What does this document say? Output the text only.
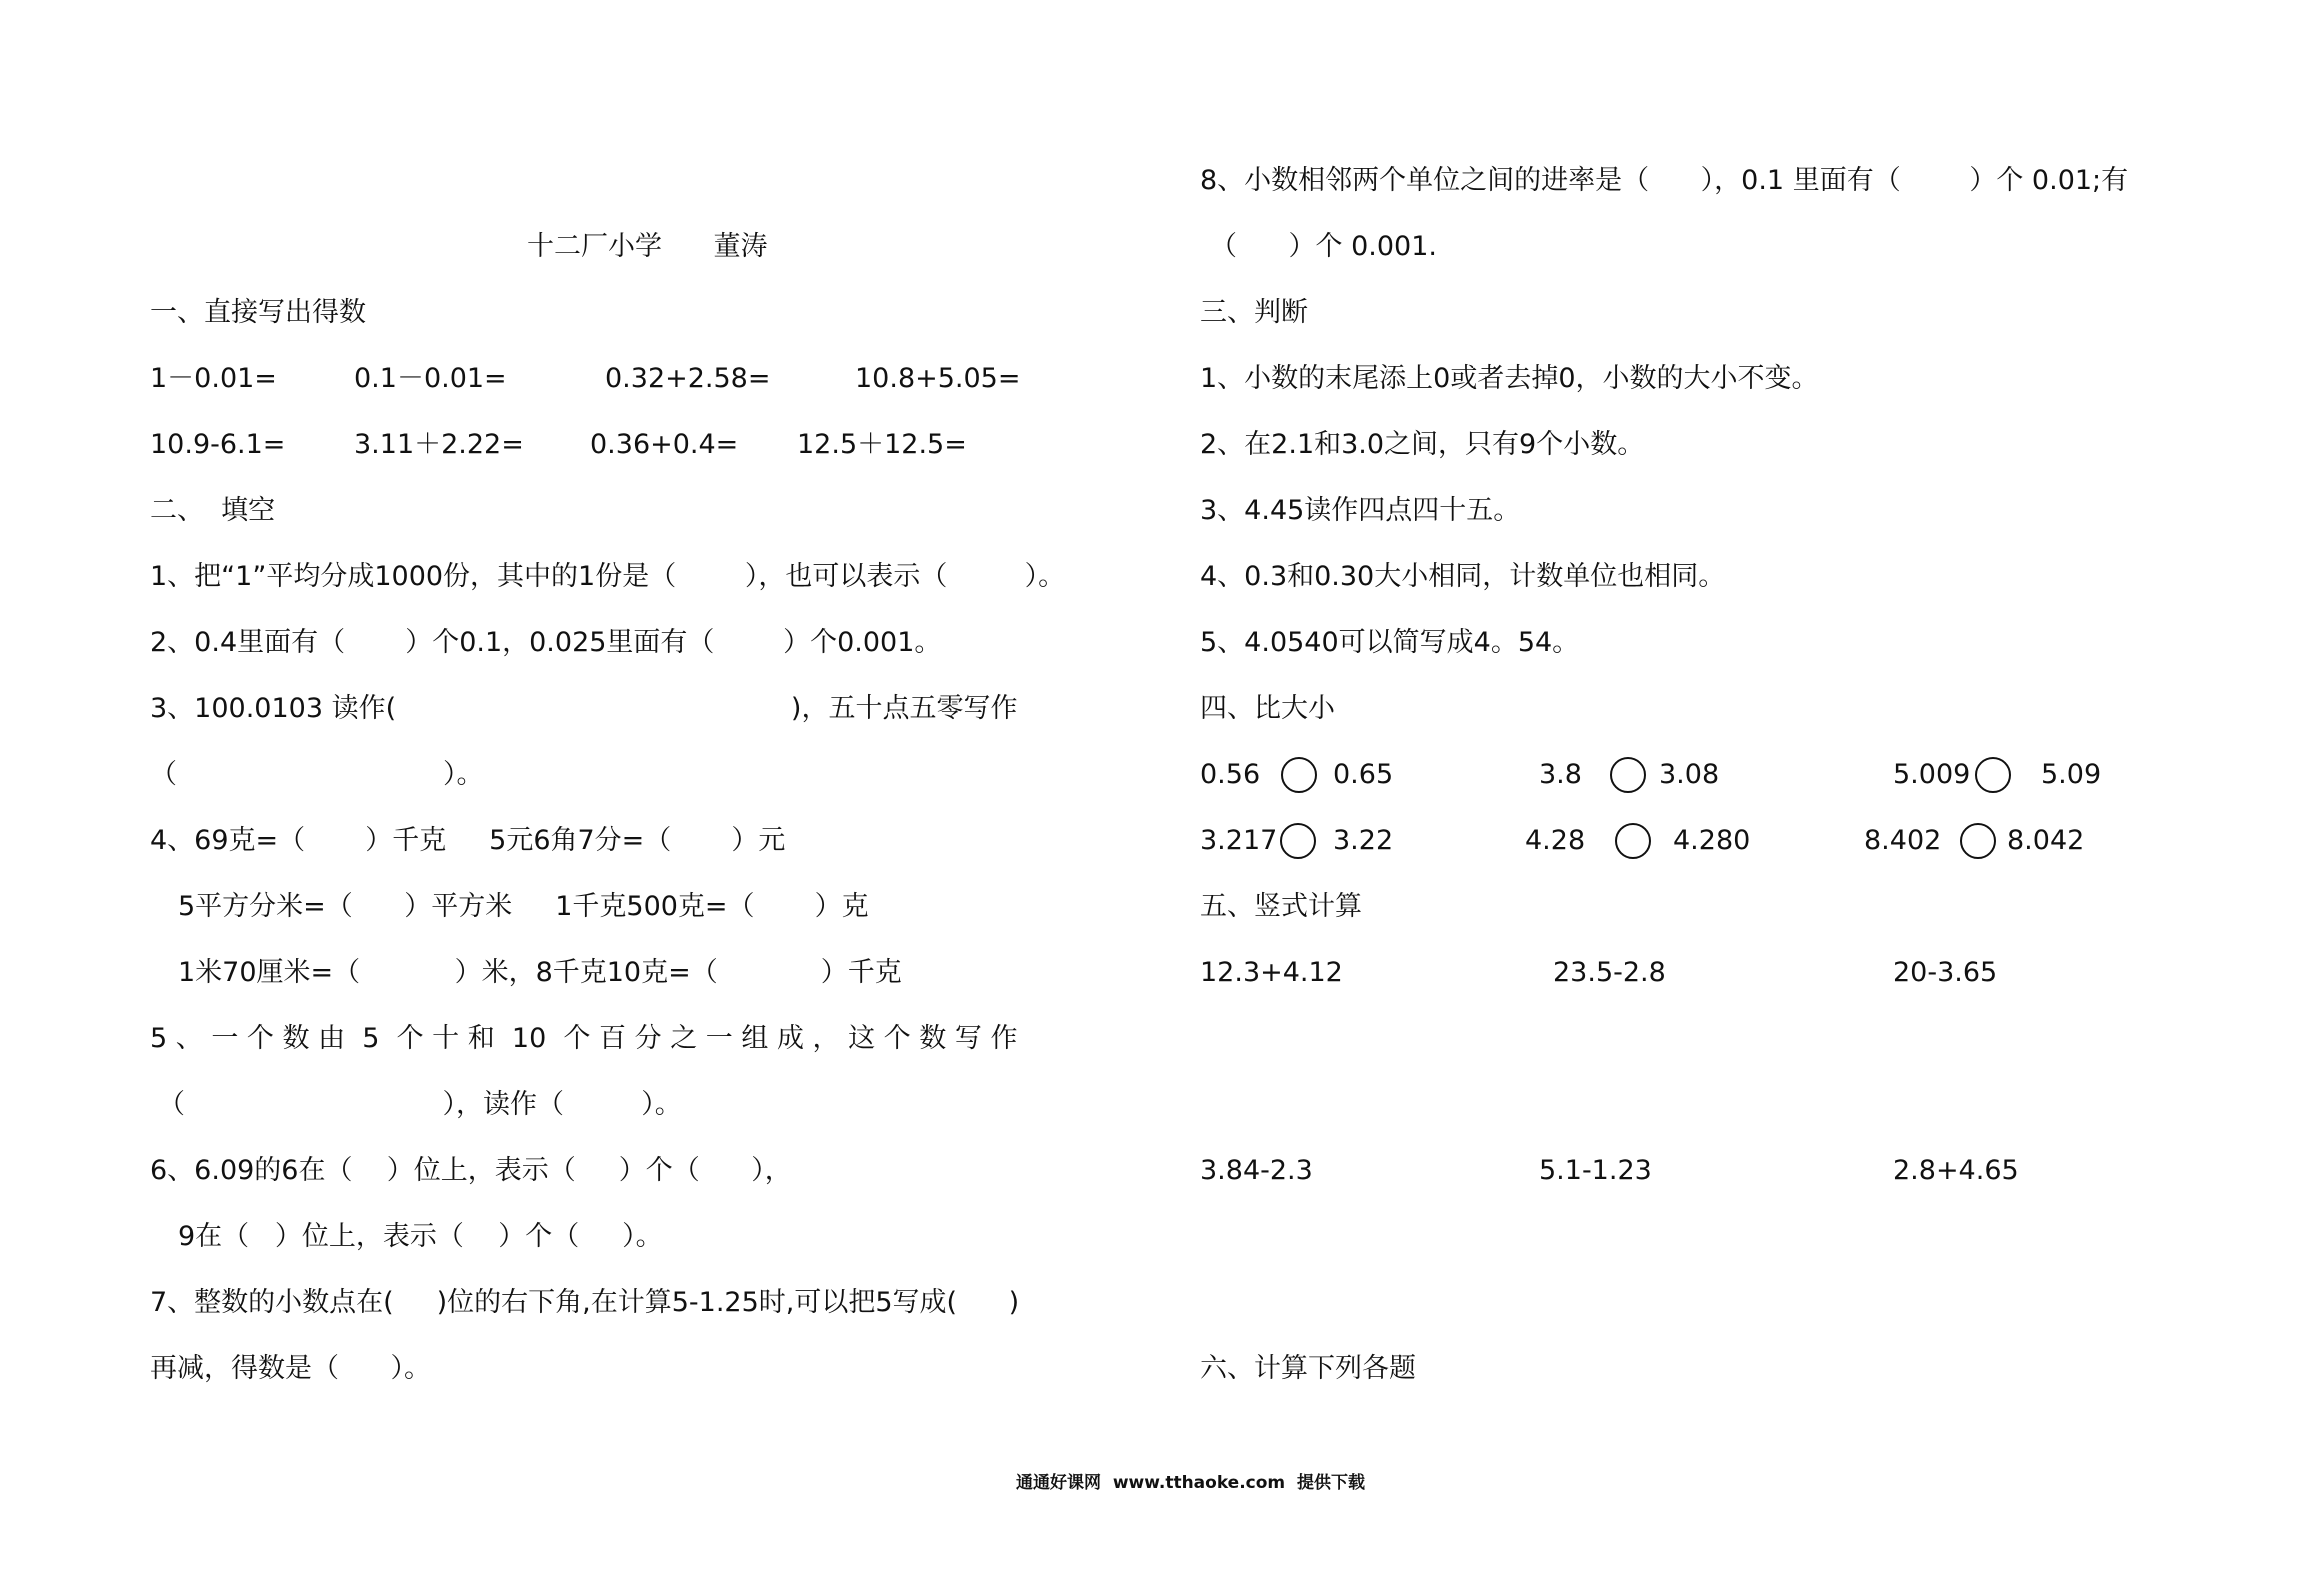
十二厂小学      董涛
一、直接写出得数
1－0.01=	0.1－0.01=	0.32+2.58=	10.8+5.05=
10.9-6.1=	3.11＋2.22= 0.36+0.4= 12.5＋12.5=
二、  填空
1、把“1”平均分成1000份，其中的1份是（        ），也可以表示（         ）。
2、0.4里面有（       ）个0.1，0.025里面有（        ）个0.001。
3、100.0103 读作(                                              )，五十点五零写作
（                               ）。
4、69克=（       ）千克     5元6角7分=（       ）元
5平方分米=（      ）平方米     1千克500克=（       ）克
1米70厘米=（           ）米，8千克10克=（            ）千克
5 、 一 个 数 由  5  个 十 和  10  个 百 分 之 一 组 成 ， 这 个 数 写 作
（                              ），读作（         ）。
6、6.09的6在（    ）位上，表示（     ）个（      ），
9在（   ）位上，表示（    ）个（     ）。
7、整数的小数点在(     )位的右下角,在计算5-1.25时,可以把5写成(      )
再减，得数是（      ）。
8、小数相邻两个单位之间的进率是（      ），0.1 里面有（        ）个 0.01;有
（      ）个 0.001.
三、判断
1、小数的末尾添上0或者去掉0，小数的大小不变。
2、在2.1和3.0之间，只有9个小数。
3、4.45读作四点四十五。
4、0.3和0.30大小相同，计数单位也相同。
5、4.0540可以简写成4。54。
四、比大小
0.56	0.65	3.8	3.08	5.009	5.09
3.217 3.22	4.28	4.280	8.402 8.042
五、竖式计算
12.3+4.12	23.5-2.8	20-3.65
3.84-2.3	5.1-1.23	2.8+4.65
六、计算下列各题
通通好课网  www.tthaoke.com  提供下载
